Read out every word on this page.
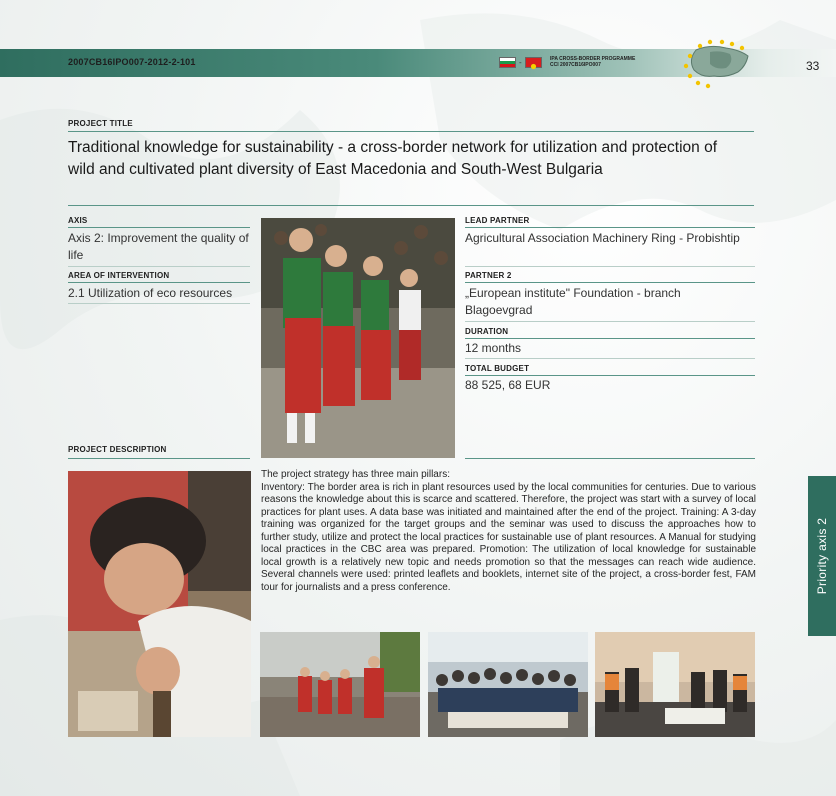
2007CB16IPO007-2012-2-101	-	IPA CROSS-BORDER PROGRAMME
CCI 2007CB16IPO007	33
PROJECT TITLE
Traditional knowledge for sustainability - a cross-border network for utilization and protection of wild and cultivated plant diversity of East Macedonia and South-West Bulgaria
AXIS
Axis 2: Improvement the quality of life
AREA OF INTERVENTION
2.1 Utilization of eco resources
LEAD PARTNER
Agricultural Association Machinery Ring - Probishtip
PARTNER 2
„European institute" Foundation - branch Blagoevgrad
DURATION
12 months
TOTAL BUDGET
88 525, 68 EUR
PROJECT DESCRIPTION

The project strategy has three main pillars:

Inventory: The border area is rich in plant resources used by the local communities for centuries. Due to various reasons the knowledge about this is scarce and scattered. Therefore, the project was start with a survey of local practices for plant uses. A data base was initiated and maintained after the end of the project. Training: A 3-day training was organized for the target groups and the seminar was used to discuss the approaches how to further study, utilize and protect the local practices for sustainable use of plant resources. A Manual for studying local practices in the CBC area was prepared. Promotion: The utilization of local knowledge for sustainable local growth is a relatively new topic and needs promotion so that the messages can reach wide audience. Several channels were used: printed leaflets and booklets, internet site of the project, a cross-border fest, FAM tour for journalists and a press conference.	Priority axis 2
